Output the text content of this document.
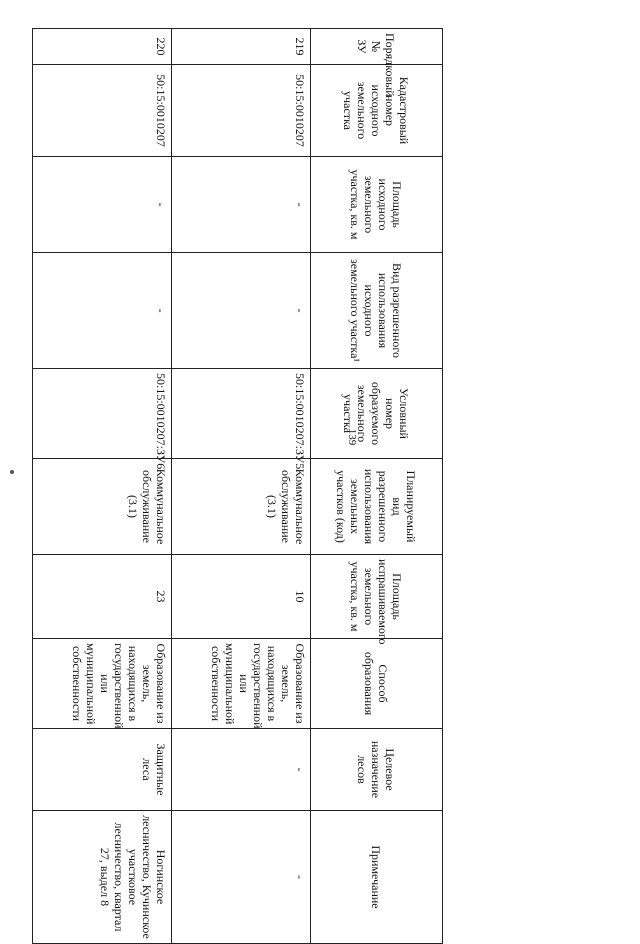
139
Порядковый № ЗУ	Кадастровый номер исходного земельного участка	Площадь исходного земельного участка, кв. м	Вид разрешенного использования исходного земельного участка¹	Условный номер образуемого земельного участка	Планируемый вид разрешенного использования земельных участков (код)	Площадь испрашиваемого земельного участка, кв. м	Способ образования	Целевое назначение лесов	Примечание
219	50:15:0010207	-	-	50:15:0010207:ЗУ5	Коммунальное обслуживание (3.1)	10	Образование из земель, находящихся в государственной или муниципальной собственности	-	-
220	50:15:0010207	-	-	50:15:0010207:ЗУ6	Коммунальное обслуживание (3.1)	23	Образование из земель, находящихся в государственной или муниципальной собственности	Защитные леса	Ногинское лесничество, Кучинское участковое лесничество, квартал 27, выдел 8
